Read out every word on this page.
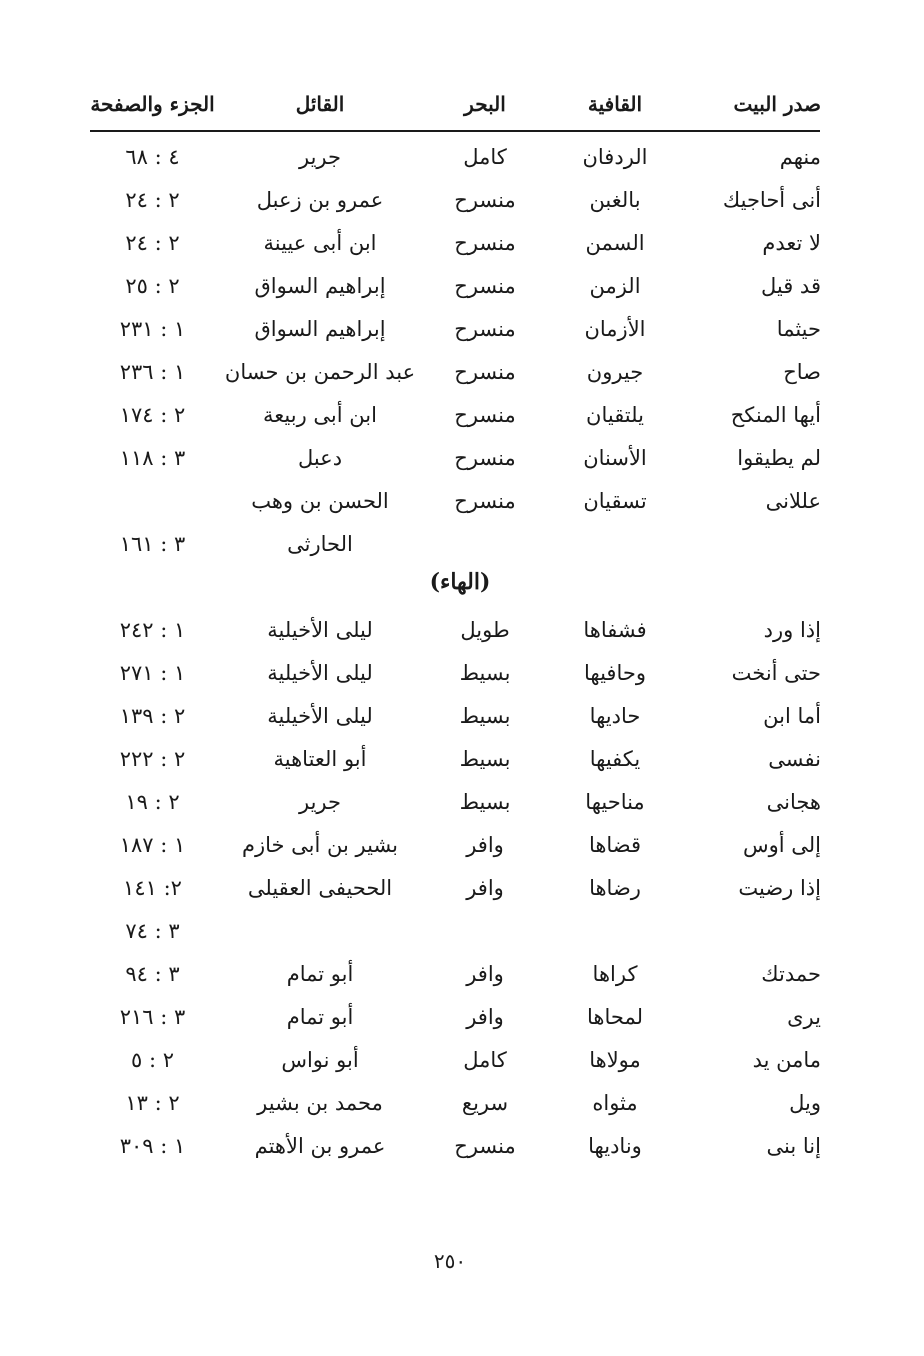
صدر البيت
القافية
البحر
القائل
الجزء والصفحة
منهم
الردفان
كامل
جرير
٤ : ٦٨
أنى أحاجيك
بالغبن
منسرح
عمرو بن زعبل
٢ : ٢٤
لا تعدم
السمن
منسرح
ابن أبى عيينة
٢ : ٢٤
قد قيل
الزمن
منسرح
إبراهيم السواق
٢ : ٢٥
حيثما
الأزمان
منسرح
إبراهيم السواق
١ : ٢٣١
صاح
جيرون
منسرح
عبد الرحمن بن حسان
١ : ٢٣٦
أيها المنكح
يلتقيان
منسرح
ابن أبى ربيعة
٢ : ١٧٤
لم يطيقوا
الأسنان
منسرح
دعبل
٣ : ١١٨
عللانى
تسقيان
منسرح
الحسن بن وهب
الحارثى
٣ : ١٦١
(الهاء)
إذا ورد
فشفاها
طويل
ليلى الأخيلية
١ : ٢٤٢
حتى أنخت
وحافيها
بسيط
ليلى الأخيلية
١ : ٢٧١
أما ابن
حاديها
بسيط
ليلى الأخيلية
٢ : ١٣٩
نفسى
يكفيها
بسيط
أبو العتاهية
٢ : ٢٢٢
هجانى
مناحيها
بسيط
جرير
٢ : ١٩
إلى أوس
قضاها
وافر
بشير بن أبى خازم
١ : ١٨٧
إذا رضيت
رضاها
وافر
الححيفى العقيلى
٢: ١٤١
٣ : ٧٤
حمدتك
كراها
وافر
أبو تمام
٣ : ٩٤
يرى
لمحاها
وافر
أبو تمام
٣ : ٢١٦
مامن يد
مولاها
كامل
أبو نواس
٢ : ٥
ويل
مثواه
سريع
محمد بن بشير
٢ : ١٣
إنا بنى
وناديها
منسرح
عمرو بن الأهتم
١ : ٣٠٩
٢٥٠
